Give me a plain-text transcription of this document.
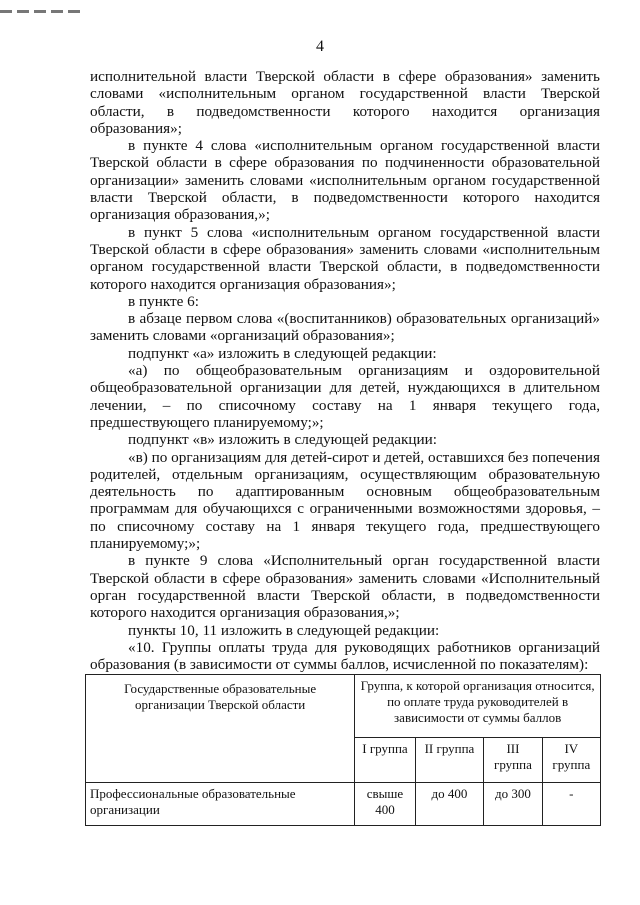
4

исполнительной власти Тверской области в сфере образования» заменить словами «исполнительным органом государственной власти Тверской области, в подведомственности которого находится организация образования»;

в пункте 4 слова «исполнительным органом государственной власти Тверской области в сфере образования по подчиненности образовательной организации» заменить словами «исполнительным органом государственной власти Тверской области, в подведомственности которого находится организация образования,»;

в пункт 5 слова «исполнительным органом государственной власти Тверской области в сфере образования» заменить словами «исполнительным органом государственной власти Тверской области, в подведомственности которого находится организация образования»;

в пункте 6:

в абзаце первом слова «(воспитанников) образовательных организаций» заменить словами «организаций образования»;

подпункт «а» изложить в следующей редакции:

«а) по общеобразовательным организациям и оздоровительной общеобразовательной организации для детей, нуждающихся в длительном лечении, – по списочному составу на 1 января текущего года, предшествующего планируемому;»;

подпункт «в» изложить в следующей редакции:

«в) по организациям для детей-сирот и детей, оставшихся без попечения родителей, отдельным организациям, осуществляющим образовательную деятельность по адаптированным основным общеобразовательным программам для обучающихся с ограниченными возможностями здоровья, – по списочному составу на 1 января текущего года, предшествующего планируемому;»;

в пункте 9 слова «Исполнительный орган государственной власти Тверской области в сфере образования» заменить словами «Исполнительный орган государственной власти Тверской области, в подведомственности которого находится организация образования,»;

пункты 10, 11 изложить в следующей редакции:

«10. Группы оплаты труда для руководящих работников организаций образования (в зависимости от суммы баллов, исчисленной по показателям):

Государственные образовательные организации Тверской области	Группа, к которой организация относится, по оплате труда руководителей в зависимости от суммы баллов			
	I группа	II группа	III группа	IV группа
Профессиональные образовательные организации	свыше 400	до 400	до 300	-
